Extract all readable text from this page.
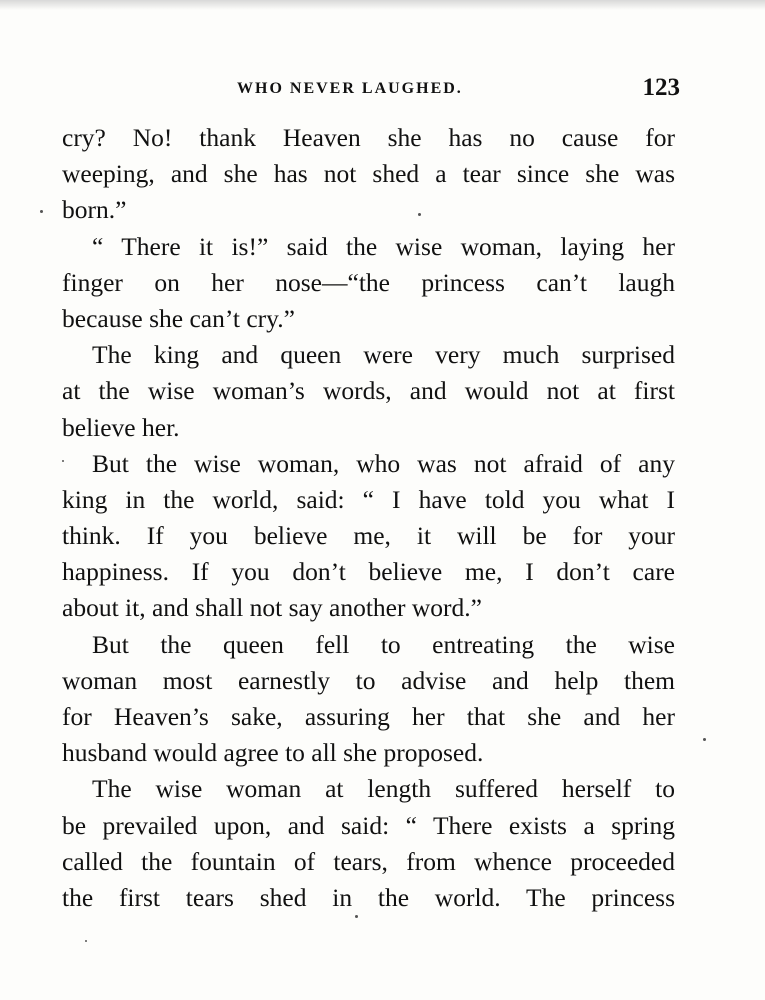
WHO NEVER LAUGHED.	123
cry? No! thank Heaven she has no cause for
weeping, and she has not shed a tear since she was
born.”
“ There it is!” said the wise woman, laying her
finger on her nose—“the princess can’t laugh
because she can’t cry.”
The king and queen were very much surprised
at the wise woman’s words, and would not at first
believe her.
But the wise woman, who was not afraid of any
king in the world, said: “ I have told you what I
think. If you believe me, it will be for your
happiness. If you don’t believe me, I don’t care
about it, and shall not say another word.”
But the queen fell to entreating the wise
woman most earnestly to advise and help them
for Heaven’s sake, assuring her that she and her
husband would agree to all she proposed.
The wise woman at length suffered herself to
be prevailed upon, and said: “ There exists a spring
called the fountain of tears, from whence proceeded
the first tears shed in the world. The princess
